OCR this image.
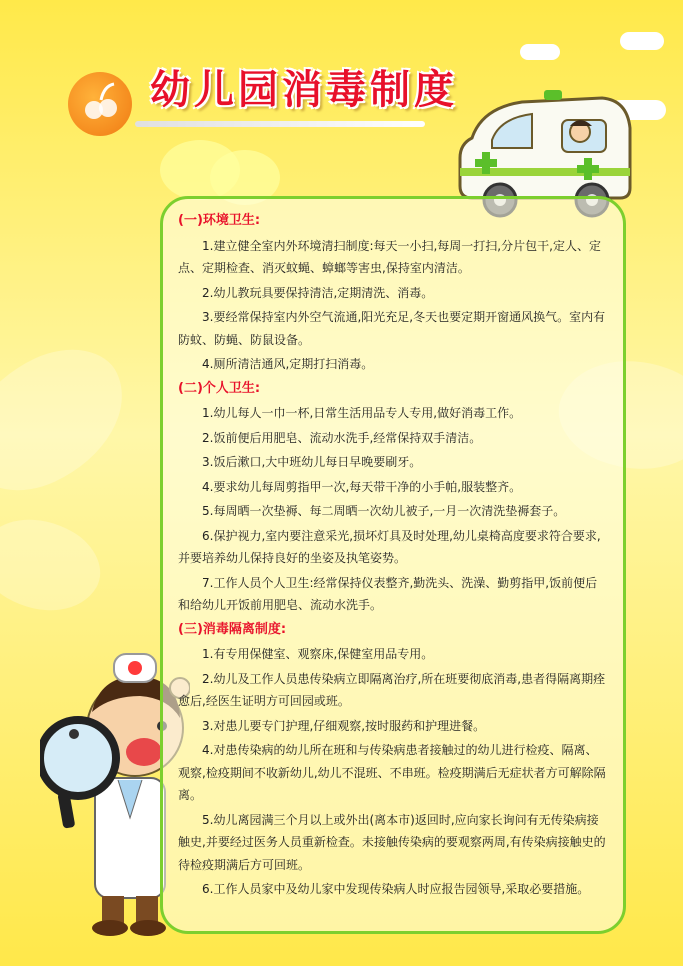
幼儿园消毒制度

(一)环境卫生:

1.建立健全室内外环境清扫制度:每天一小扫,每周一打扫,分片包干,定人、定点、定期检查、消灭蚊蝇、蟑螂等害虫,保持室内清洁。

2.幼儿教玩具要保持清洁,定期清洗、消毒。

3.要经常保持室内外空气流通,阳光充足,冬天也要定期开窗通风换气。室内有防蚊、防蝇、防鼠设备。

4.厕所清洁通风,定期打扫消毒。

(二)个人卫生:

1.幼儿每人一巾一杯,日常生活用品专人专用,做好消毒工作。

2.饭前便后用肥皂、流动水洗手,经常保持双手清洁。

3.饭后漱口,大中班幼儿每日早晚要刷牙。

4.要求幼儿每周剪指甲一次,每天带干净的小手帕,服装整齐。

5.每周晒一次垫褥、每二周晒一次幼儿被子,一月一次清洗垫褥套子。

6.保护视力,室内要注意采光,损坏灯具及时处理,幼儿桌椅高度要求符合要求,并要培养幼儿保持良好的坐姿及执笔姿势。

7.工作人员个人卫生:经常保持仪表整齐,勤洗头、洗澡、勤剪指甲,饭前便后和给幼儿开饭前用肥皂、流动水洗手。

(三)消毒隔离制度:

1.有专用保健室、观察床,保健室用品专用。

2.幼儿及工作人员患传染病立即隔离治疗,所在班要彻底消毒,患者得隔离期痊愈后,经医生证明方可回园或班。

3.对患儿要专门护理,仔细观察,按时服药和护理进餐。

4.对患传染病的幼儿所在班和与传染病患者接触过的幼儿进行检疫、隔离、观察,检疫期间不收新幼儿,幼儿不混班、不串班。检疫期满后无症状者方可解除隔离。

5.幼儿离园满三个月以上或外出(离本市)返回时,应向家长询问有无传染病接触史,并要经过医务人员重新检查。未接触传染病的要观察两周,有传染病接触史的待检疫期满后方可回班。

6.工作人员家中及幼儿家中发现传染病人时应报告园领导,采取必要措施。
